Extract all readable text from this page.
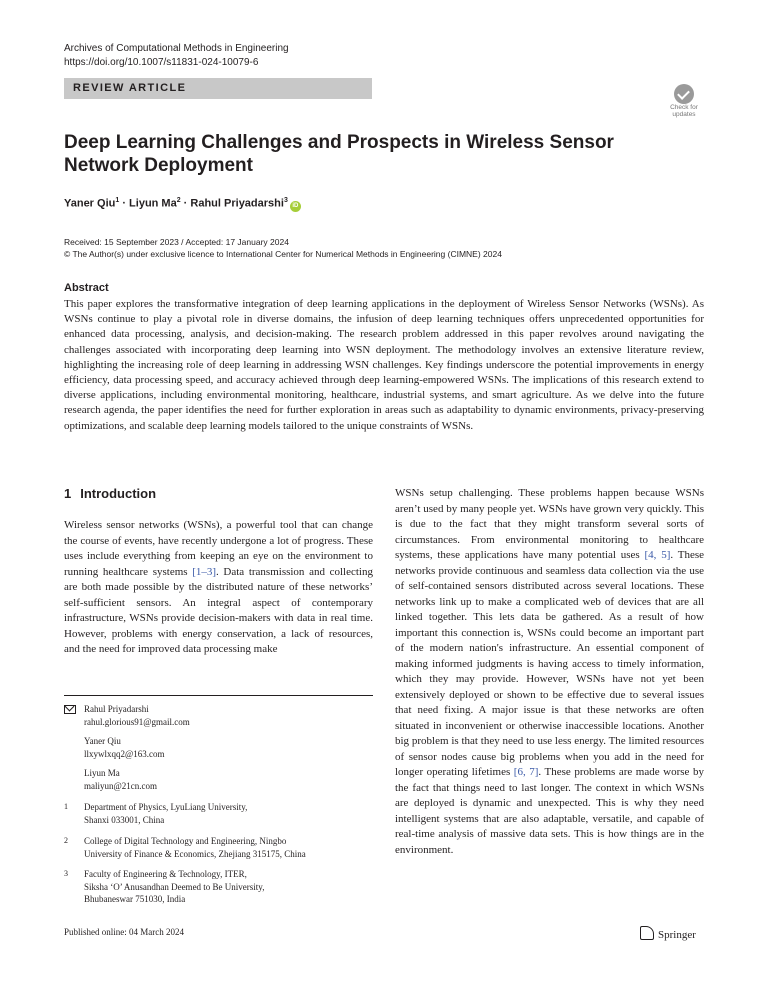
Archives of Computational Methods in Engineering
https://doi.org/10.1007/s11831-024-10079-6
REVIEW ARTICLE
Check for
updates
Deep Learning Challenges and Prospects in Wireless Sensor Network Deployment
Yaner Qiu$^1$ · Liyun $Ma^2$ · Rahul Priyadarshi$^3$iD
Received: 15 September 2023 / Accepted: 17 January 2024
© The Author(s) under exclusive licence to International Center for Numerical Methods in Engineering (CIMNE) 2024
Abstract
This paper explores the transformative integration of deep learning applications in the deployment of Wireless Sensor Networks (WSNs). As WSNs continue to play a pivotal role in diverse domains, the infusion of deep learning techniques offers unprecedented opportunities for enhanced data processing, analysis, and decision-making. The research problem addressed in this paper revolves around navigating the challenges associated with incorporating deep learning into WSN deployment. The methodology involves an extensive literature review, highlighting the increasing role of deep learning in addressing WSN challenges. Key findings underscore the potential improvements in energy efficiency, data processing speed, and accuracy achieved through deep learning-empowered WSNs. The implications of this research extend to diverse applications, including environmental monitoring, healthcare, industrial systems, and smart agriculture. As we delve into the future research agenda, the paper identifies the need for further exploration in areas such as adaptability to dynamic environments, privacy-preserving optimizations, and scalable deep learning models tailored to the unique constraints of WSNs.
1 Introduction
Wireless sensor networks (WSNs), a powerful tool that can change the course of events, have recently undergone a lot of progress. These uses include everything from keeping an eye on the environment to running healthcare systems [1–3]. Data transmission and collecting are both made possible by the distributed nature of these networks’ self-sufficient sensors. An integral aspect of contemporary infrastructure, WSNs provide decision-makers with data in real time. However, problems with energy conservation, a lack of resources, and the need for improved data processing make
WSNs setup challenging. These problems happen because WSNs aren’t used by many people yet. WSNs have grown very quickly. This is due to the fact that they might transform several sorts of circumstances. From environmental monitoring to healthcare systems, these applications have many potential uses [4, 5]. These networks provide continuous and seamless data collection via the use of self-contained sensors distributed across several locations. These networks link up to make a complicated web of devices that are all linked together. This lets data be gathered. As a result of how important this connection is, WSNs could become an important part of the modern nation's infrastructure. An essential component of making informed judgments is having access to timely information, which they may provide. However, WSNs have not yet been extensively deployed or shown to be effective due to several issues that need fixing. A major issue is that these networks are often situated in inconvenient or otherwise inaccessible locations. Another big problem is that they need to use less energy. The limited resources of sensor nodes cause big problems when you add in the need for longer operating lifetimes [6, 7]. These problems are made worse by the fact that things need to last longer. The context in which WSNs are deployed is dynamic and unexpected. This is why they need intelligent systems that are also adaptable, versatile, and capable of real-time analysis of massive data sets. This is how things are in the environment.
Rahul Priyadarshi
rahul.glorious91@gmail.com
Yaner Qiu
llxywlxqq2@163.com
Liyun Ma
maliyun@21cn.com
1 Department of Physics, LyuLiang University,
Shanxi 033001, China
2 College of Digital Technology and Engineering, Ningbo
University of Finance & Economics, Zhejiang 315175, China
3 Faculty of Engineering & Technology, ITER,
Siksha ‘O’ Anusandhan Deemed to Be University,
Bhubaneswar 751030, India
Published online: 04 March 2024	Springer
